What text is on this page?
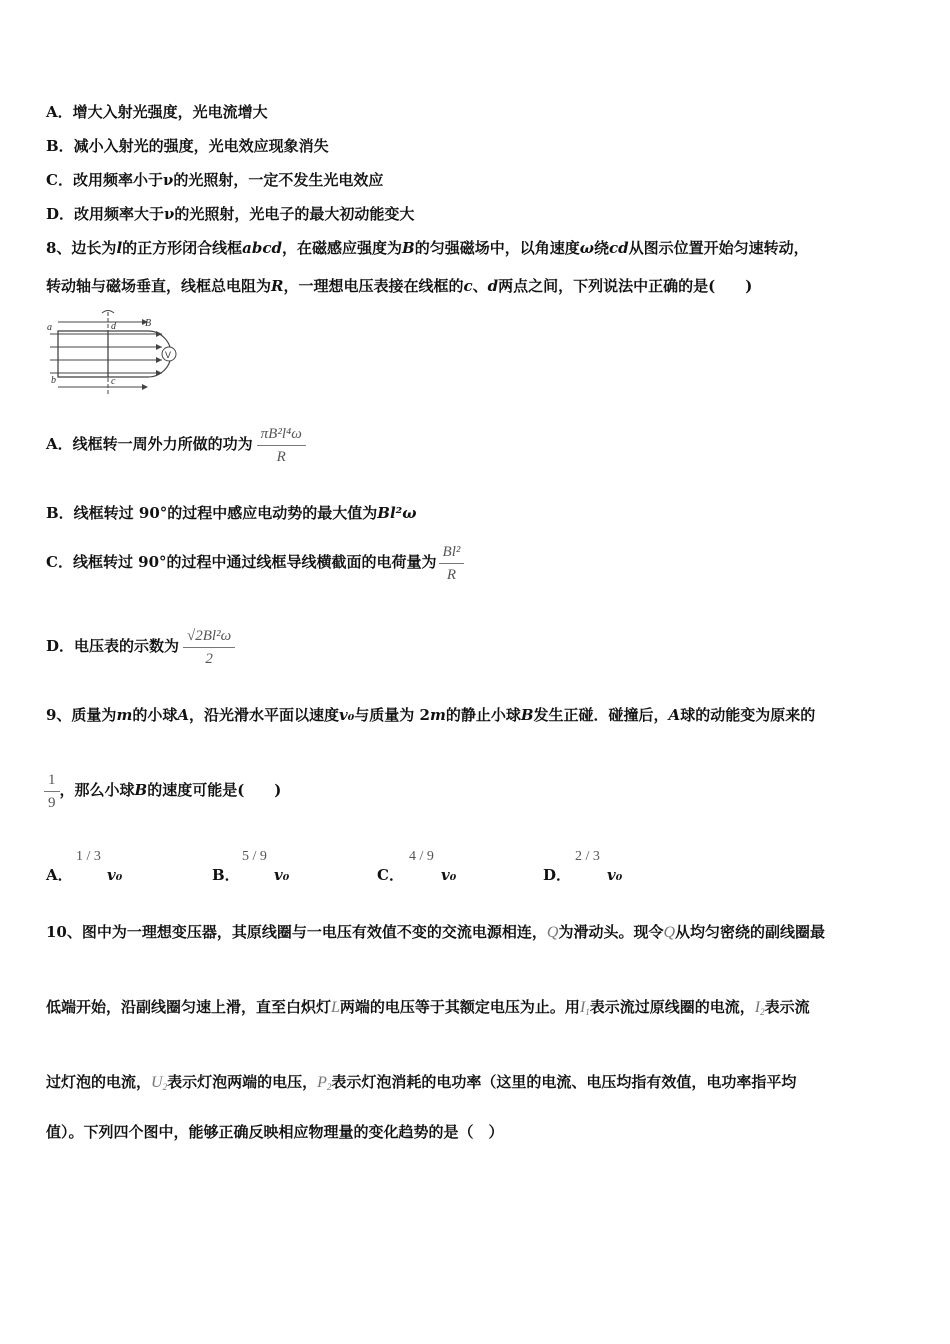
A．增大入射光强度，光电流增大
B．减小入射光的强度，光电效应现象消失
C．改用频率小于ν的光照射，一定不发生光电效应
D．改用频率大于ν的光照射，光电子的最大初动能变大
8、边长为l的正方形闭合线框abcd，在磁感应强度为B的匀强磁场中，以角速度ω绕cd从图示位置开始匀速转动，
转动轴与磁场垂直，线框总电阻为R，一理想电压表接在线框的c、d两点之间，下列说法中正确的是(　　)
a
b	c
d	B
V
A．线框转一周外力所做的功为 $\frac{\text{πB²l⁴ω}}{R}$
B．线框转过 90°的过程中感应电动势的最大值为Bl²ω
C．线框转过 90°的过程中通过线框导线横截面的电荷量为 $\frac{\text{Bl²}}{R}$
D．电压表的示数为 $\frac{\text{√2Bl²ω}}{2}$
9、质量为m的小球A，沿光滑水平面以速度v₀与质量为 2m的静止小球B发生正碰．碰撞后，A球的动能变为原来的
$\frac{1}{9}$ ，那么小球B的速度可能是(　　)
A．
1 / 3
v₀	B．
5 / 9
v₀	C．
4 / 9
v₀	D．
2 / 3
v₀
10、图中为一理想变压器，其原线圈与一电压有效值不变的交流电源相连，Q为滑动头。现令Q从均匀密绕的副线圈最
低端开始，沿副线圈匀速上滑，直至白炽灯L两端的电压等于其额定电压为止。用$I_1$表示流过原线圈的电流，$I_2$表示流
过灯泡的电流，$U_2$表示灯泡两端的电压，$P_2$表示灯泡消耗的电功率（这里的电流、电压均指有效值，电功率指平均
值）。下列四个图中，能够正确反映相应物理量的变化趋势的是（　）
